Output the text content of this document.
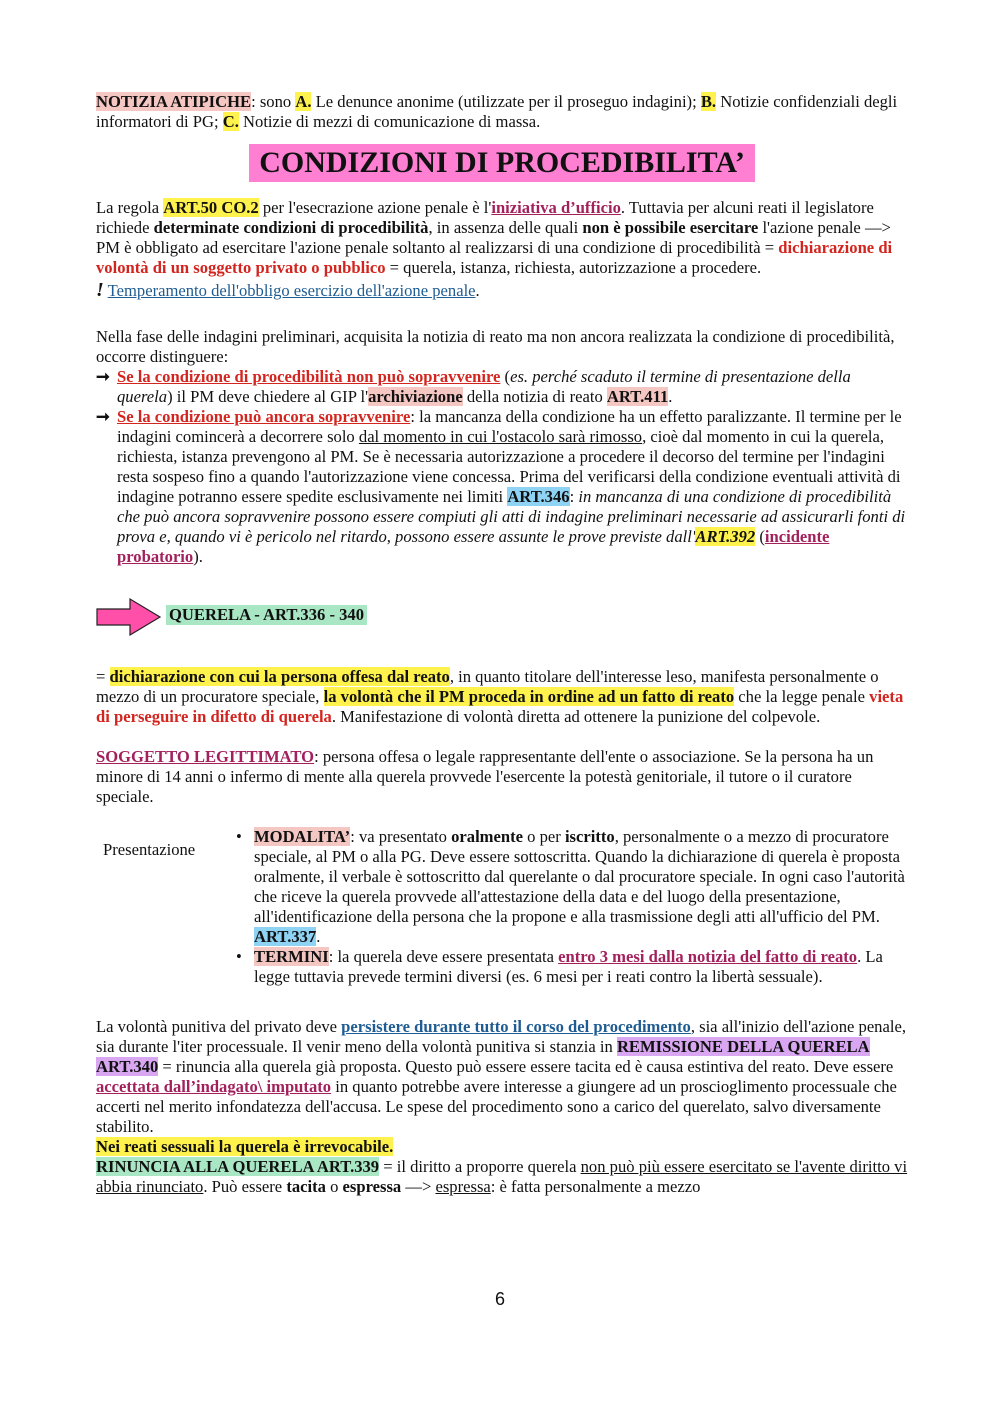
NOTIZIA ATIPICHE: sono A. Le denunce anonime (utilizzate per il proseguo indagini); B. Notizie confidenziali degli informatori di PG; C. Notizie di mezzi di comunicazione di massa.

CONDIZIONI DI PROCEDIBILITA’

La regola ART.50 CO.2 per l'esecrazione azione penale è l'iniziativa d’ufficio. Tuttavia per alcuni reati il legislatore richiede determinate condizioni di procedibilità, in assenza delle quali non è possibile esercitare l'azione penale —> PM è obbligato ad esercitare l'azione penale soltanto al realizzarsi di una condizione di procedibilità = dichiarazione di volontà di un soggetto privato o pubblico = querela, istanza, richiesta, autorizzazione a procedere.

! Temperamento dell'obbligo esercizio dell'azione penale.

Nella fase delle indagini preliminari, acquisita la notizia di reato ma non ancora realizzata la condizione di procedibilità, occorre distinguere:

➞ Se la condizione di procedibilità non può sopravvenire (es. perché scaduto il termine di presentazione della querela) il PM deve chiedere al GIP l'archiviazione della notizia di reato ART.411.
➞ Se la condizione può ancora sopravvenire: la mancanza della condizione ha un effetto paralizzante. Il termine per le indagini comincerà a decorrere solo dal momento in cui l'ostacolo sarà rimosso, cioè dal momento in cui la querela, richiesta, istanza prevengono al PM. Se è necessaria autorizzazione a procedere il decorso del termine per l'indagini resta sospeso fino a quando l'autorizzazione viene concessa. Prima del verificarsi della condizione eventuali attività di indagine potranno essere spedite esclusivamente nei limiti ART.346: in mancanza di una condizione di procedibilità che può ancora sopravvenire possono essere compiuti gli atti di indagine preliminari necessarie ad assicurarli fonti di prova e, quando vi è pericolo nel ritardo, possono essere assunte le prove previste dall'ART.392 (incidente probatorio).
QUERELA - ART.336 - 340

= dichiarazione con cui la persona offesa dal reato, in quanto titolare dell'interesse leso, manifesta personalmente o mezzo di un procuratore speciale, la volontà che il PM proceda in ordine ad un fatto di reato che la legge penale vieta di perseguire in difetto di querela. Manifestazione di volontà diretta ad ottenere la punizione del colpevole.

SOGGETTO LEGITTIMATO: persona offesa o legale rappresentante dell'ente o associazione. Se la persona ha un minore di 14 anni o infermo di mente alla querela provvede l'esercente la potestà genitoriale, il tutore o il curatore speciale.

Presentazione
• MODALITA’: va presentato oralmente o per iscritto, personalmente o a mezzo di procuratore speciale, al PM o alla PG. Deve essere sottoscritta. Quando la dichiarazione di querela è proposta oralmente, il verbale è sottoscritto dal querelante o dal procuratore speciale. In ogni caso l'autorità che riceve la querela provvede all'attestazione della data e del luogo della presentazione, all'identificazione della persona che la propone e alla trasmissione degli atti all'ufficio del PM. ART.337.
• TERMINI: la querela deve essere presentata entro 3 mesi dalla notizia del fatto di reato. La legge tuttavia prevede termini diversi (es. 6 mesi per i reati contro la libertà sessuale).

La volontà punitiva del privato deve persistere durante tutto il corso del procedimento, sia all'inizio dell'azione penale, sia durante l'iter processuale. Il venir meno della volontà punitiva si stanzia in REMISSIONE DELLA QUERELA ART.340 = rinuncia alla querela già proposta. Questo può essere essere tacita ed è causa estintiva del reato. Deve essere accettata dall’indagato\ imputato in quanto potrebbe avere interesse a giungere ad un proscioglimento processuale che accerti nel merito infondatezza dell'accusa. Le spese del procedimento sono a carico del querelato, salvo diversamente stabilito.

Nei reati sessuali la querela è irrevocabile.

RINUNCIA ALLA QUERELA ART.339 = il diritto a proporre querela non può più essere esercitato se l'avente diritto vi abbia rinunciato. Può essere tacita o espressa —> espressa: è fatta personalmente a mezzo

6
